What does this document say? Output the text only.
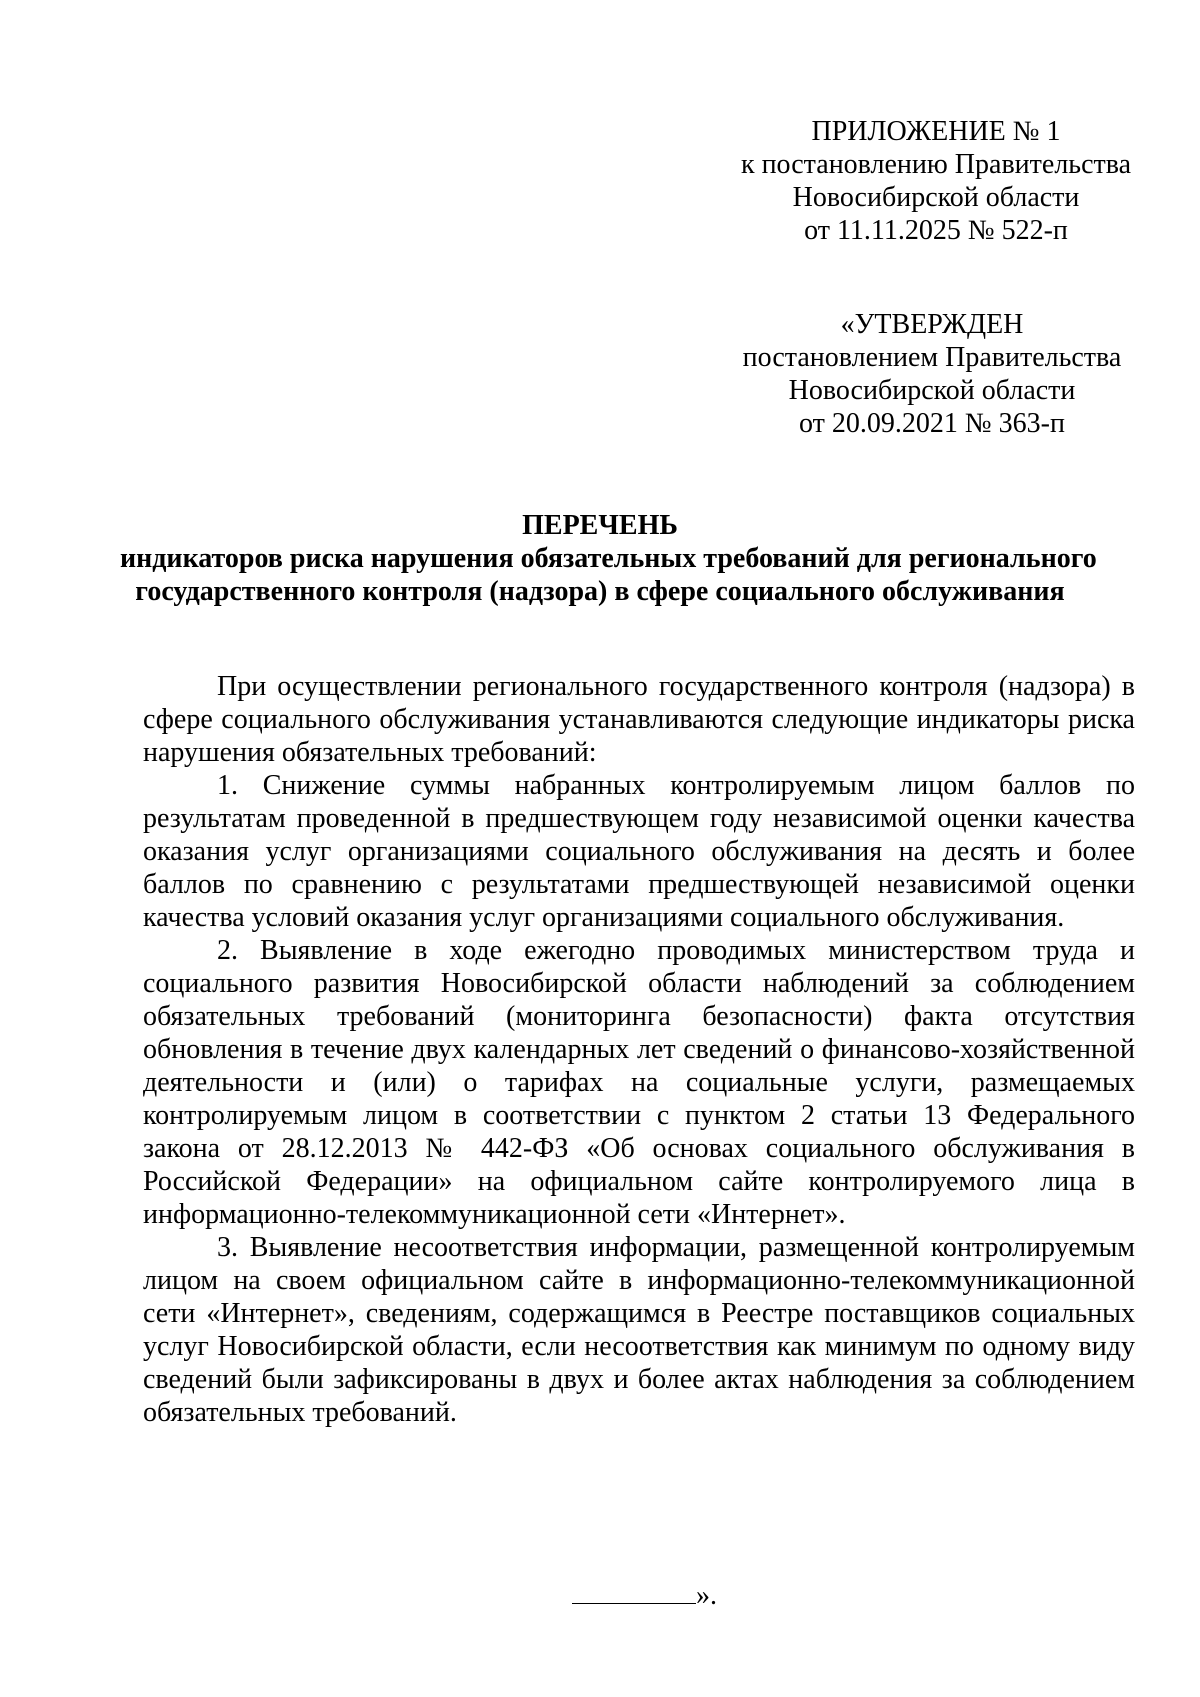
ПРИЛОЖЕНИЕ № 1
к постановлению Правительства
Новосибирской области
от 11.11.2025 № 522-п
«УТВЕРЖДЕН
постановлением Правительства
Новосибирской области
от 20.09.2021 № 363-п
ПЕРЕЧЕНЬ
индикаторов риска нарушения обязательных требований для регионального
государственного контроля (надзора) в сфере социального обслуживания

При осуществлении регионального государственного контроля (надзора) в сфере социального обслуживания устанавливаются следующие индикаторы риска нарушения обязательных требований:

1. Снижение суммы набранных контролируемым лицом баллов по результатам проведенной в предшествующем году независимой оценки качества оказания услуг организациями социального обслуживания на десять и более баллов по сравнению с результатами предшествующей независимой оценки качества условий оказания услуг организациями социального обслуживания.

2. Выявление в ходе ежегодно проводимых министерством труда и социального развития Новосибирской области наблюдений за соблюдением обязательных требований (мониторинга безопасности) факта отсутствия обновления в течение двух календарных лет сведений о финансово-хозяйственной деятельности и (или) о тарифах на социальные услуги, размещаемых контролируемым лицом в соответствии с пунктом 2 статьи 13 Федерального закона от 28.12.2013 № 442-ФЗ «Об основах социального обслуживания в Российской Федерации» на официальном сайте контролируемого лица в информационно-телекоммуникационной сети «Интернет».

3. Выявление несоответствия информации, размещенной контролируемым лицом на своем официальном сайте в информационно-телекоммуникационной сети «Интернет», сведениям, содержащимся в Реестре поставщиков социальных услуг Новосибирской области, если несоответствия как минимум по одному виду сведений были зафиксированы в двух и более актах наблюдения за соблюдением обязательных требований.

».
